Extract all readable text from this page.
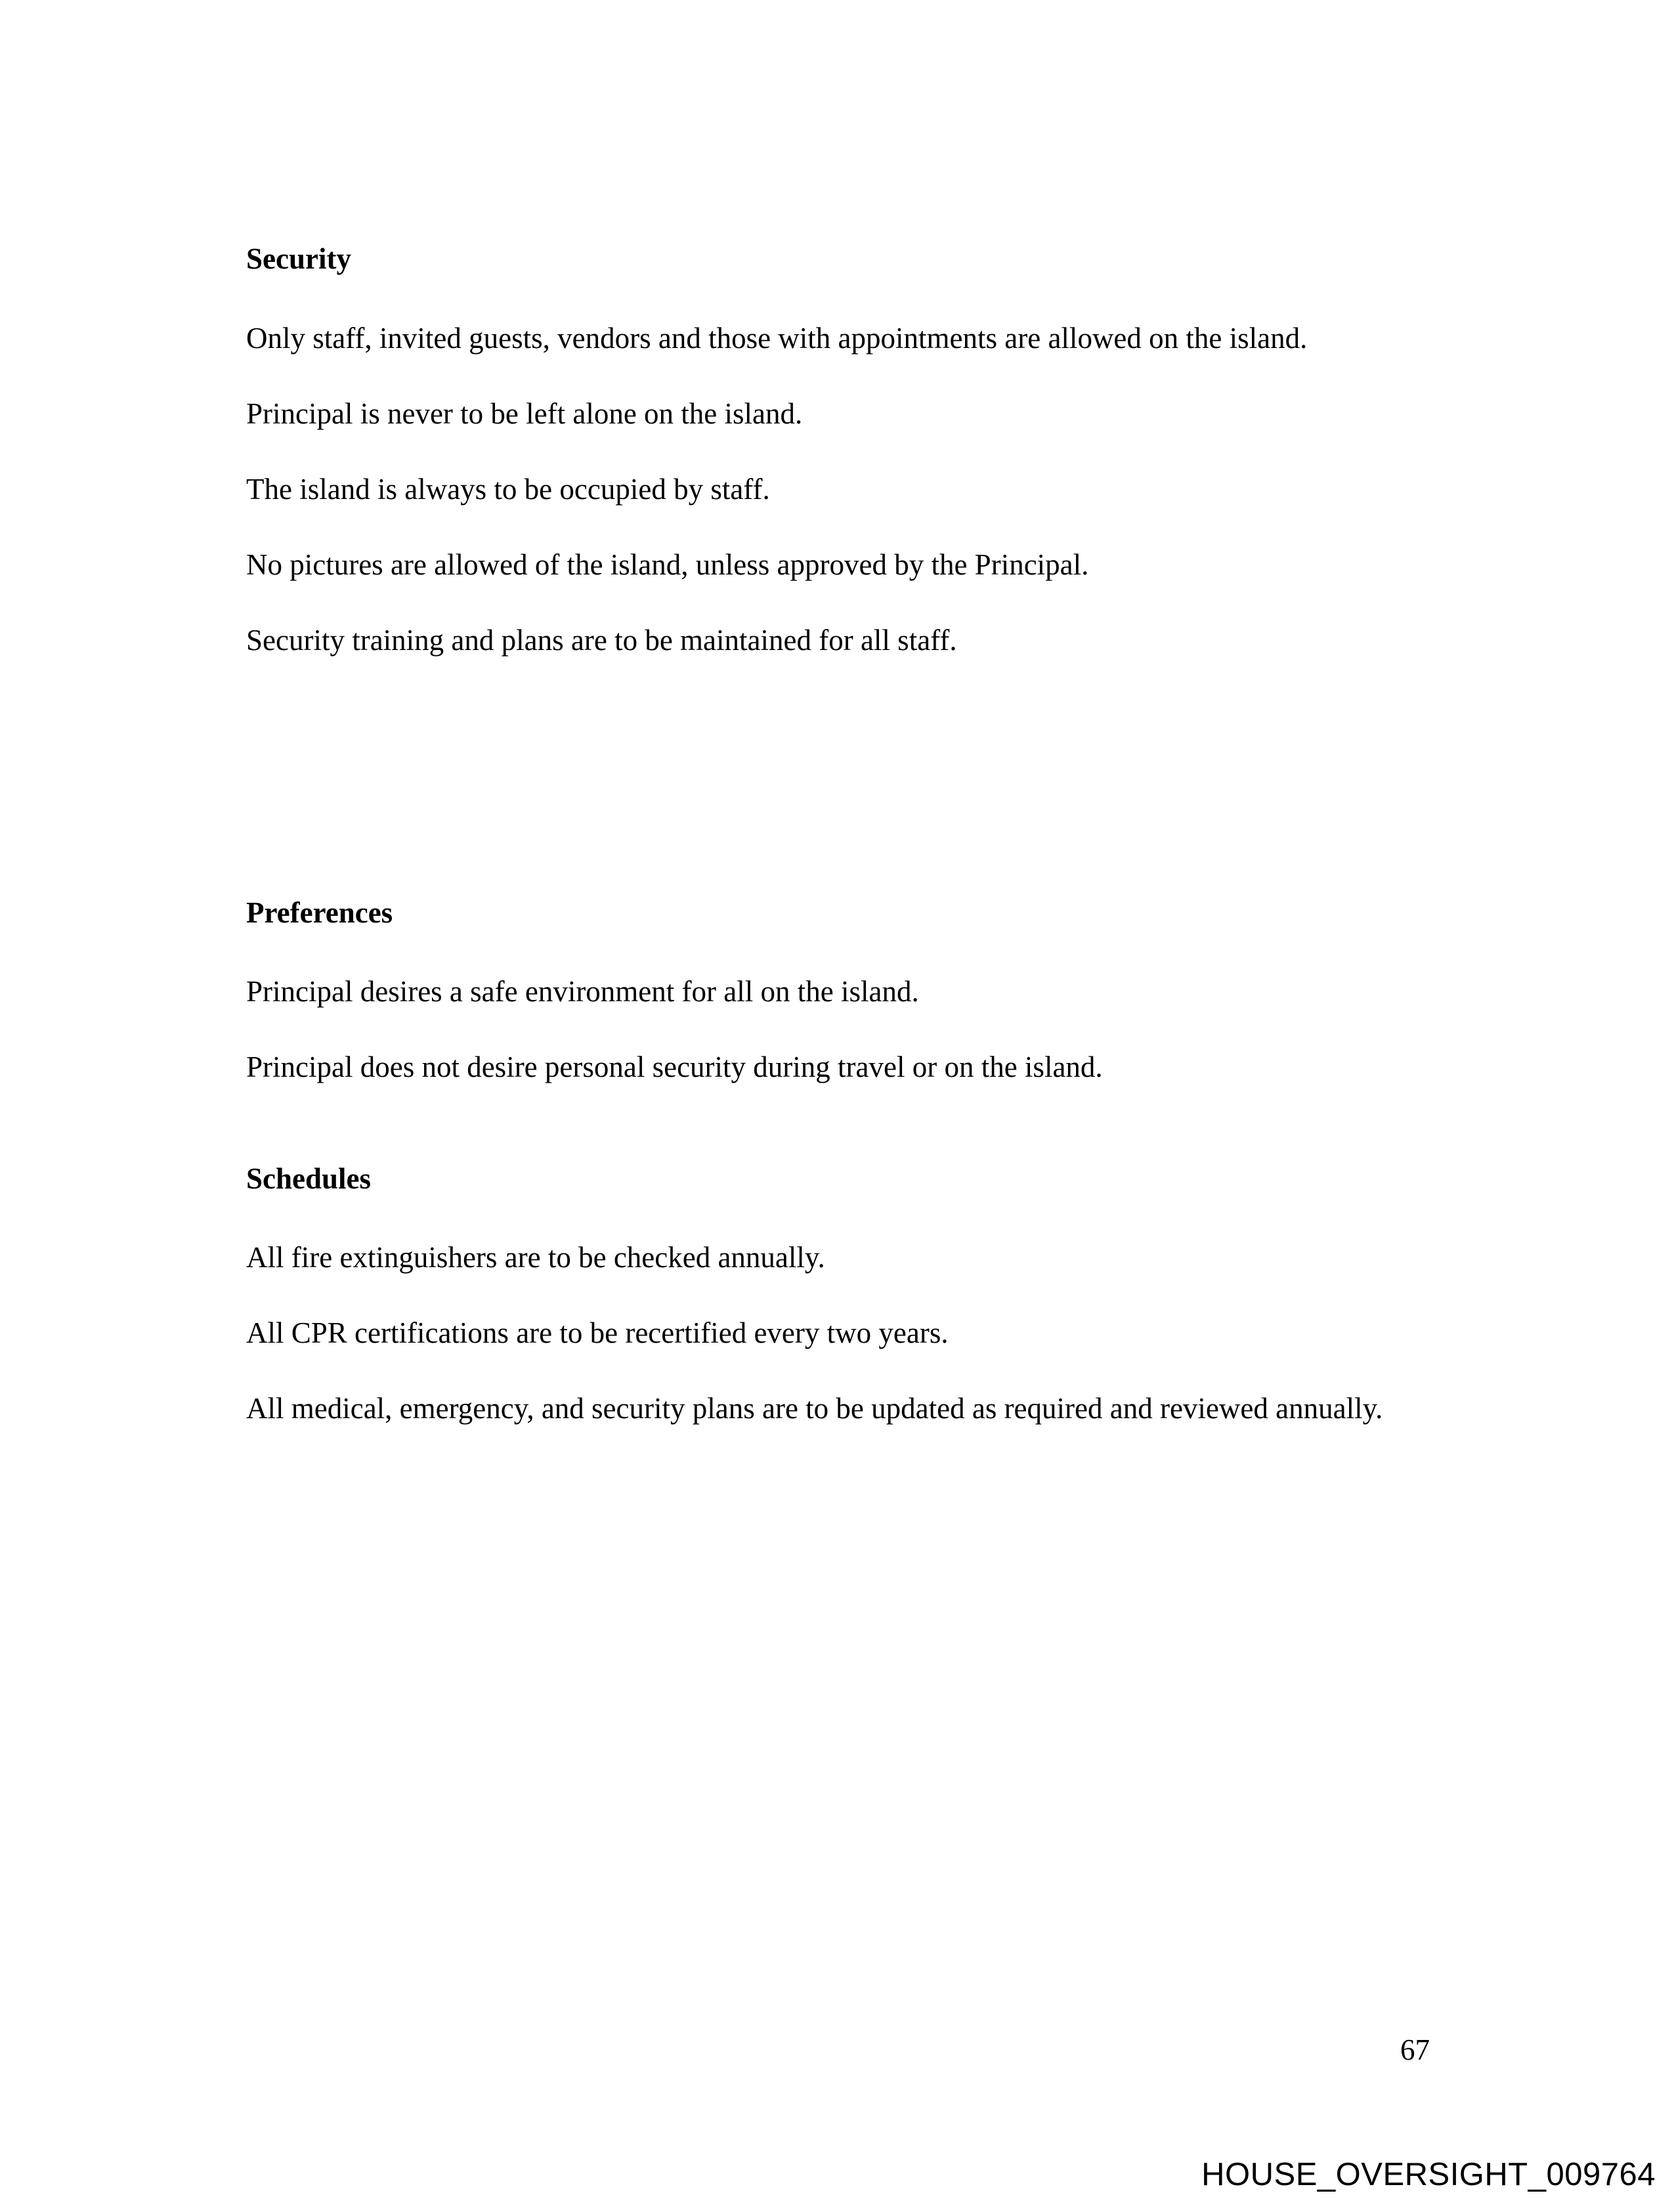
Security
Only staff, invited guests, vendors and those with appointments are allowed on the island.
Principal is never to be left alone on the island.
The island is always to be occupied by staff.
No pictures are allowed of the island, unless approved by the Principal.
Security training and plans are to be maintained for all staff.
Preferences
Principal desires a safe environment for all on the island.
Principal does not desire personal security during travel or on the island.
Schedules
All fire extinguishers are to be checked annually.
All CPR certifications are to be recertified every two years.
All medical, emergency, and security plans are to be updated as required and reviewed annually.
67
HOUSE_OVERSIGHT_009764
